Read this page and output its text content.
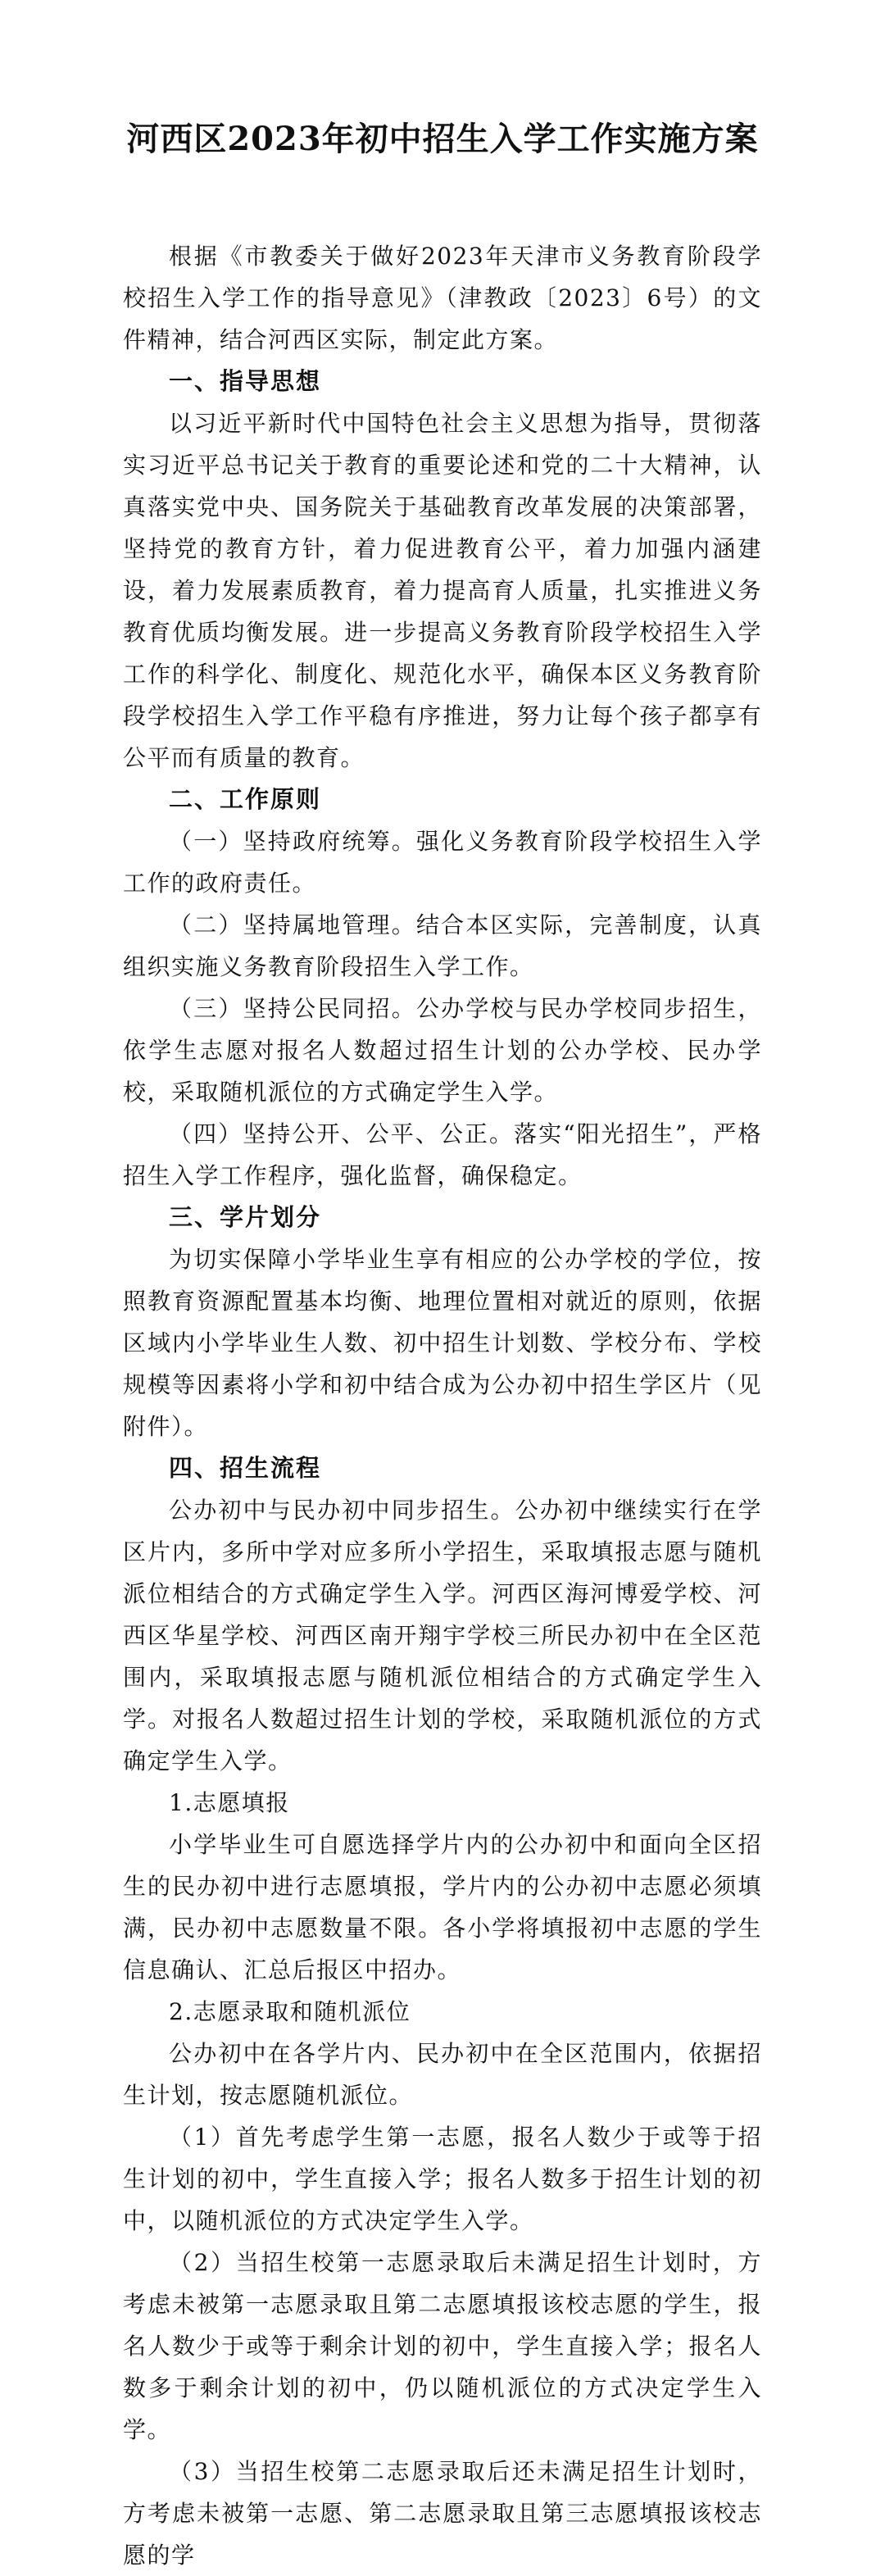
河西区2023年初中招生入学工作实施方案

根据《市教委关于做好2023年天津市义务教育阶段学校招生入学工作的指导意见》（津教政〔2023〕6号）的文件精神，结合河西区实际，制定此方案。

一、指导思想

以习近平新时代中国特色社会主义思想为指导，贯彻落实习近平总书记关于教育的重要论述和党的二十大精神，认真落实党中央、国务院关于基础教育改革发展的决策部署，坚持党的教育方针，着力促进教育公平，着力加强内涵建设，着力发展素质教育，着力提高育人质量，扎实推进义务教育优质均衡发展。进一步提高义务教育阶段学校招生入学工作的科学化、制度化、规范化水平，确保本区义务教育阶段学校招生入学工作平稳有序推进，努力让每个孩子都享有公平而有质量的教育。

二、工作原则

（一）坚持政府统筹。强化义务教育阶段学校招生入学工作的政府责任。

（二）坚持属地管理。结合本区实际，完善制度，认真组织实施义务教育阶段招生入学工作。

（三）坚持公民同招。公办学校与民办学校同步招生，依学生志愿对报名人数超过招生计划的公办学校、民办学校，采取随机派位的方式确定学生入学。

（四）坚持公开、公平、公正。落实“阳光招生”，严格招生入学工作程序，强化监督，确保稳定。

三、学片划分

为切实保障小学毕业生享有相应的公办学校的学位，按照教育资源配置基本均衡、地理位置相对就近的原则，依据区域内小学毕业生人数、初中招生计划数、学校分布、学校规模等因素将小学和初中结合成为公办初中招生学区片（见附件）。

四、招生流程

公办初中与民办初中同步招生。公办初中继续实行在学区片内，多所中学对应多所小学招生，采取填报志愿与随机派位相结合的方式确定学生入学。河西区海河博爱学校、河西区华星学校、河西区南开翔宇学校三所民办初中在全区范围内，采取填报志愿与随机派位相结合的方式确定学生入学。对报名人数超过招生计划的学校，采取随机派位的方式确定学生入学。

1.志愿填报

小学毕业生可自愿选择学片内的公办初中和面向全区招生的民办初中进行志愿填报，学片内的公办初中志愿必须填满，民办初中志愿数量不限。各小学将填报初中志愿的学生信息确认、汇总后报区中招办。

2.志愿录取和随机派位

公办初中在各学片内、民办初中在全区范围内，依据招生计划，按志愿随机派位。

（1）首先考虑学生第一志愿，报名人数少于或等于招生计划的初中，学生直接入学；报名人数多于招生计划的初中，以随机派位的方式决定学生入学。

（2）当招生校第一志愿录取后未满足招生计划时，方考虑未被第一志愿录取且第二志愿填报该校志愿的学生，报名人数少于或等于剩余计划的初中，学生直接入学；报名人数多于剩余计划的初中，仍以随机派位的方式决定学生入学。

（3）当招生校第二志愿录取后还未满足招生计划时，方考虑未被第一志愿、第二志愿录取且第三志愿填报该校志愿的学
